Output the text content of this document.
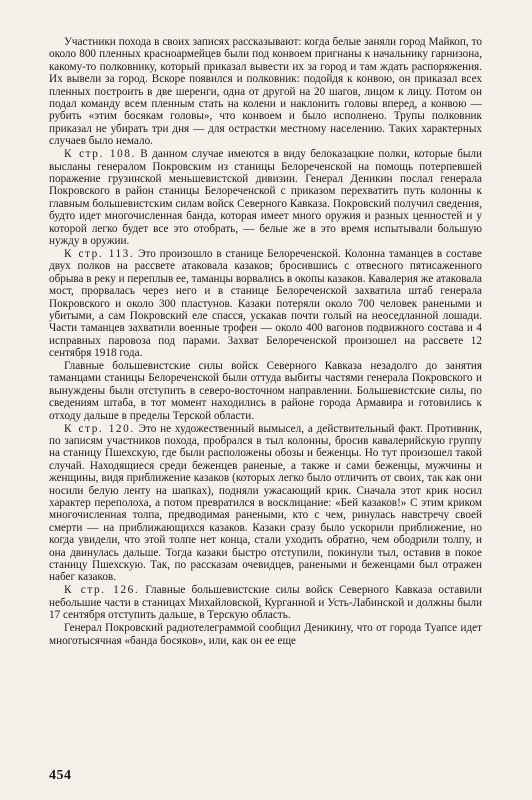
Участники похода в своих записях рассказывают: когда белые заняли город Майкоп, то около 800 пленных красноармейцев были под конвоем пригнаны к начальнику гарнизона, какому-то полковнику, который приказал вывести их за город и там ждать распоряжения. Их вывели за город. Вскоре появился и полковник: подойдя к конвою, он приказал всех пленных построить в две шеренги, одна от другой на 20 шагов, лицом к лицу. Потом он подал команду всем пленным стать на колени и наклонить головы вперед, а конвою — рубить «этим босякам головы», что конвоем и было исполнено. Трупы полковник приказал не убирать три дня — для острастки местному населению. Таких характерных случаев было немало.

К стр. 108. В данном случае имеются в виду белоказацкие полки, которые были высланы генералом Покровским из станицы Белореченской на помощь потерпевшей поражение грузинской меньшевистской дивизии. Генерал Деникин послал генерала Покровского в район станицы Белореченской с приказом перехватить путь колонны к главным большевистским силам войск Северного Кавказа. Покровский получил сведения, будто идет многочисленная банда, которая имеет много оружия и разных ценностей и у которой легко будет все это отобрать, — белые же в это время испытывали большую нужду в оружии.

К стр. 113. Это произошло в станице Белореченской. Колонна таманцев в составе двух полков на рассвете атаковала казаков; бросившись с отвесного пятисаженного обрыва в реку и переплыв ее, таманцы ворвались в окопы казаков. Кавалерия же атаковала мост, прорвалась через него и в станице Белореченской захватила штаб генерала Покровского и около 300 пластунов. Казаки потеряли около 700 человек ранеными и убитыми, а сам Покровский еле спасся, ускакав почти голый на неоседланной лошади. Части таманцев захватили военные трофеи — около 400 вагонов подвижного состава и 4 исправных паровоза под парами. Захват Белореченской произошел на рассвете 12 сентября 1918 года.

Главные большевистские силы войск Северного Кавказа незадолго до занятия таманцами станицы Белореченской были оттуда выбиты частями генерала Покровского и вынуждены были отступить в северо-восточном направлении. Большевистские силы, по сведениям штаба, в тот момент находились в районе города Армавира и готовились к отходу дальше в пределы Терской области.

К стр. 120. Это не художественный вымысел, а действительный факт. Противник, по записям участников похода, пробрался в тыл колонны, бросив кавалерийскую группу на станицу Пшехскую, где были расположены обозы и беженцы. Но тут произошел такой случай. Находящиеся среди беженцев раненые, а также и сами беженцы, мужчины и женщины, видя приближение казаков (которых легко было отличить от своих, так как они носили белую ленту на шапках), подняли ужасающий крик. Сначала этот крик носил характер переполоха, а потом превратился в восклицание: «Бей казаков!» С этим криком многочисленная толпа, предводимая ранеными, кто с чем, ринулась навстречу своей смерти — на приближающихся казаков. Казаки сразу было ускорили приближение, но когда увидели, что этой толпе нет конца, стали уходить обратно, чем ободрили толпу, и она двинулась дальше. Тогда казаки быстро отступили, покинули тыл, оставив в покое станицу Пшехскую. Так, по рассказам очевидцев, ранеными и беженцами был отражен набег казаков.

К стр. 126. Главные большевистские силы войск Северного Кавказа оставили небольшие части в станицах Михайловской, Курганной и Усть-Лабинской и должны были 17 сентября отступить дальше, в Терскую область.

Генерал Покровский радиотелеграммой сообщил Деникину, что от города Туапсе идет многотысячная «банда босяков», или, как он ее еще

454
